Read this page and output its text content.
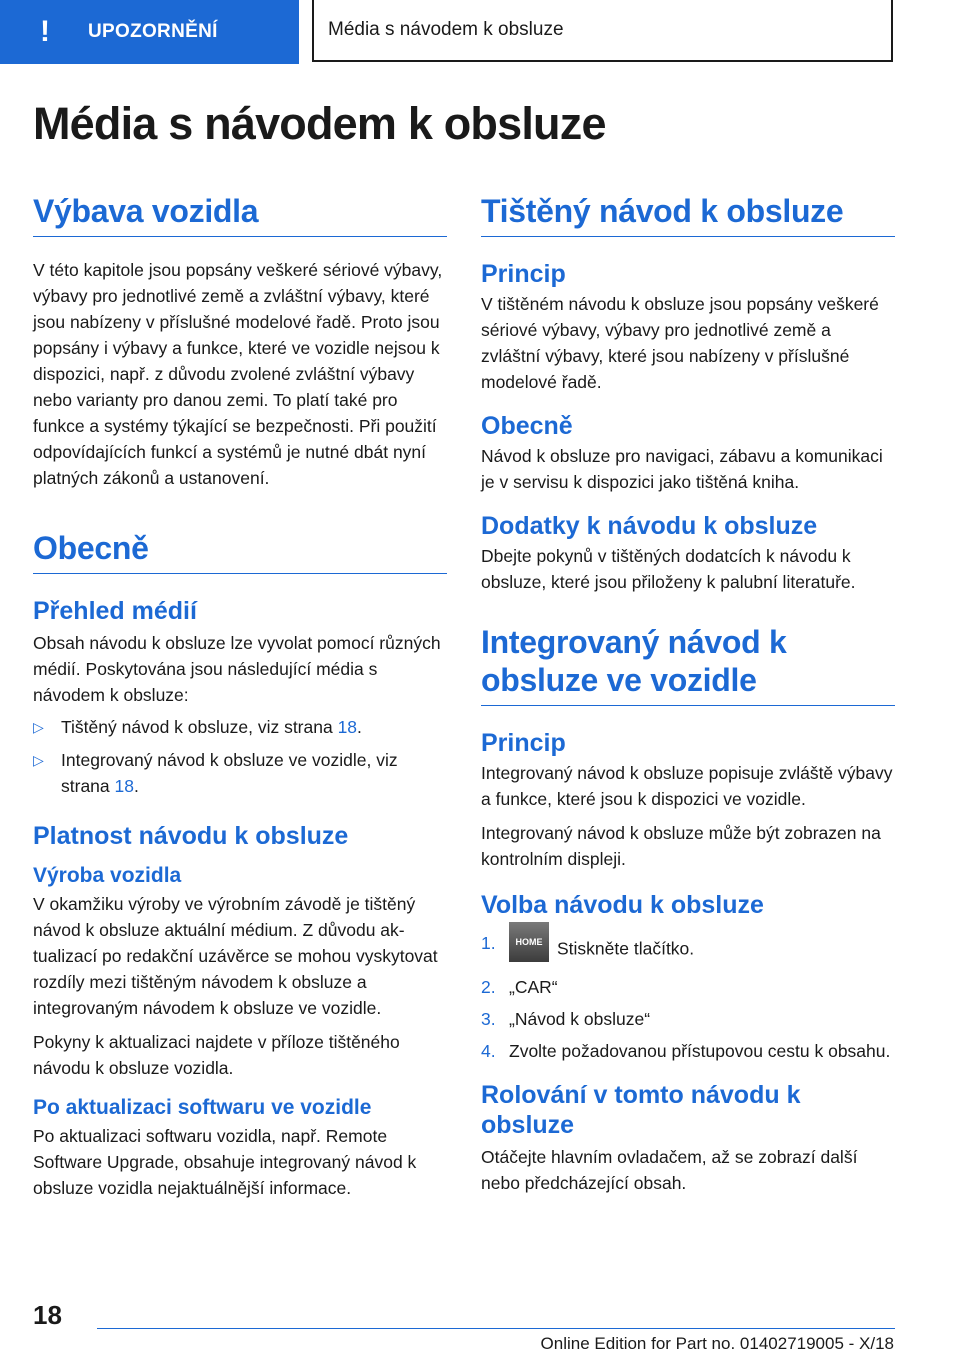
!	UPOZORNĚNÍ	Média s návodem k obsluze
Média s návodem k obsluze
Výbava vozidla

V této kapitole jsou popsány veškeré sériové výbavy, výbavy pro jednotlivé země a zvláštní výbavy, které jsou nabízeny v příslušné modelové řadě. Proto jsou popsány i výbavy a funkce, které ve vozidle nejsou k dispozici, např. z důvodu zvolené zvláštní výbavy nebo varianty pro danou zemi. To platí také pro funkce a systémy týkající se bezpečnosti. Při použití odpovídajících funkcí a systémů je nutné dbát nyní platných zákonů a ustanovení.

Obecně
Přehled médií

Obsah návodu k obsluze lze vyvolat pomocí různých médií. Poskytována jsou následující média s návodem k obsluze:

▷ Tištěný návod k obsluze, viz strana 18.
▷ Integrovaný návod k obsluze ve vozidle, viz strana 18.
Platnost návodu k obsluze
Výroba vozidla

V okamžiku výroby ve výrobním závodě je tištěný návod k obsluze aktuální médium. Z důvodu aktualizací po redakční uzávěrce se mohou vyskytovat rozdíly mezi tištěným návodem k obsluze a integrovaným návodem k obsluze ve vozidle.

Pokyny k aktualizaci najdete v příloze tištěného návodu k obsluze vozidla.

Po aktualizaci softwaru ve vozidle

Po aktualizaci softwaru vozidla, např. Remote Software Upgrade, obsahuje integrovaný návod k obsluze vozidla nejaktuálnější informace.

Tištěný návod k obsluze
Princip

V tištěném návodu k obsluze jsou popsány veškeré sériové výbavy, výbavy pro jednotlivé země a zvláštní výbavy, které jsou nabízeny v příslušné modelové řadě.

Obecně

Návod k obsluze pro navigaci, zábavu a komunikaci je v servisu k dispozici jako tištěná kniha.

Dodatky k návodu k obsluze

Dbejte pokynů v tištěných dodatcích k návodu k obsluze, které jsou přiloženy k palubní literatuře.

Integrovaný návod k obsluze ve vozidle
Princip

Integrovaný návod k obsluze popisuje zvláště výbavy a funkce, které jsou k dispozici ve vozidle.

Integrovaný návod k obsluze může být zobrazen na kontrolním displeji.

Volba návodu k obsluze
1. HOME Stiskněte tlačítko.
2. „CAR“
3. „Návod k obsluze“
4. Zvolte požadovanou přístupovou cestu k obsahu.
Rolování v tomto návodu k obsluze

Otáčejte hlavním ovladačem, až se zobrazí další nebo předcházející obsah.

18
Online Edition for Part no. 01402719005 - X/18
